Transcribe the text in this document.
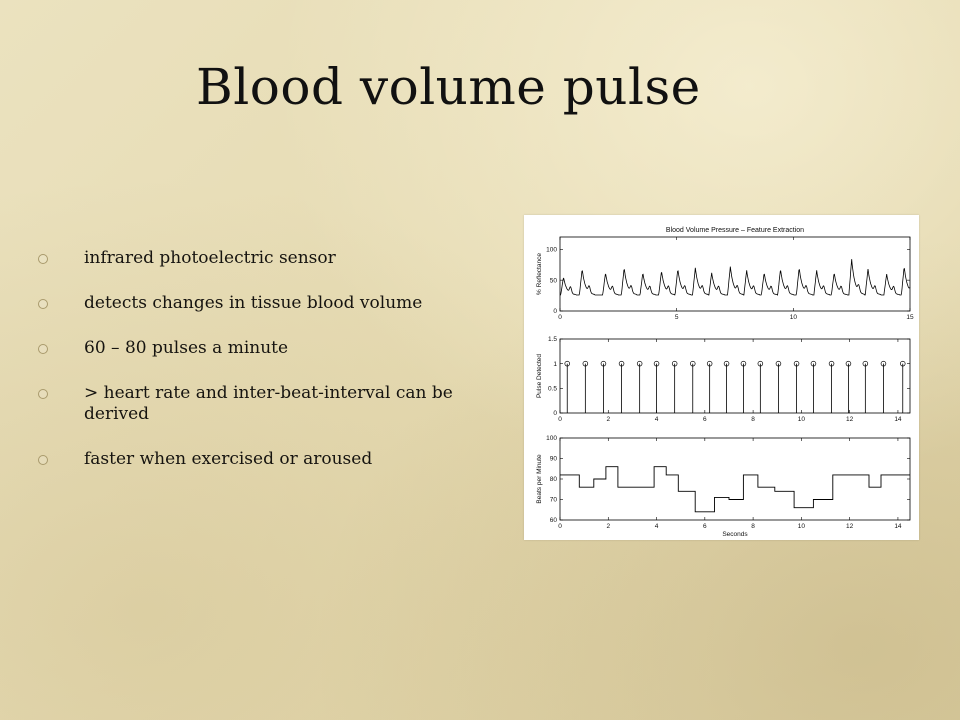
Blood volume pulse
infrared photoelectric sensor
detects changes in tissue blood volume
60 – 80 pulses a minute
> heart rate and inter-beat-interval can be derived
faster when exercised or aroused
Blood Volume Pressure – Feature Extraction
0	5	10	15
0
50
100
% Reflectance
0	2	4	6	8	10	12	14
0
0.5
1
1.5
Pulse Detected
0	2	4	6	8	10	12	14
60
70
80
90
100
Beats per Minute
Seconds
